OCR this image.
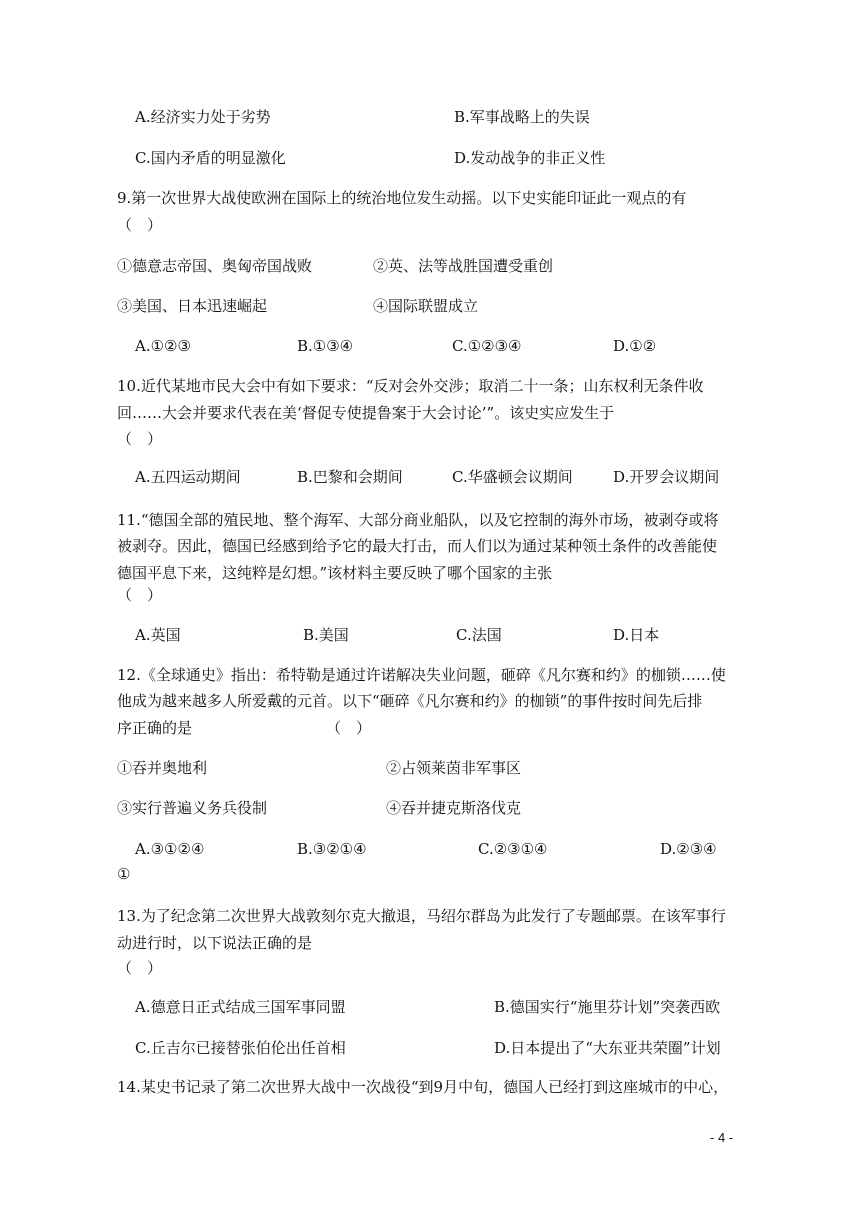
A.经济实力处于劣势	B.军事战略上的失误
C.国内矛盾的明显激化	D.发动战争的非正义性
9.第一次世界大战使欧洲在国际上的统治地位发生动摇。以下史实能印证此一观点的有
（　）
①德意志帝国、奥匈帝国战败	②英、法等战胜国遭受重创
③美国、日本迅速崛起	④国际联盟成立
A.①②③	B.①③④	C.①②③④	D.①②
10.近代某地市民大会中有如下要求：“反对会外交涉；取消二十一条；山东权利无条件收
回……大会并要求代表在美‘督促专使提鲁案于大会讨论’”。该史实应发生于
（　）
A.五四运动期间	B.巴黎和会期间	C.华盛顿会议期间	D.开罗会议期间
11.“德国全部的殖民地、整个海军、大部分商业船队，以及它控制的海外市场，被剥夺或将
被剥夺。因此，德国已经感到给予它的最大打击，而人们以为通过某种领土条件的改善能使
德国平息下来，这纯粹是幻想。”该材料主要反映了哪个国家的主张
（　）
A.英国	B.美国	C.法国	D.日本
12.《全球通史》指出：希特勒是通过许诺解决失业问题，砸碎《凡尔赛和约》的枷锁……使
他成为越来越多人所爱戴的元首。以下“砸碎《凡尔赛和约》的枷锁”的事件按时间先后排
序正确的是	（　）
①吞并奥地利	②占领莱茵非军事区
③实行普遍义务兵役制	④吞并捷克斯洛伐克
A.③①②④	B.③②①④	C.②③①④	D.②③④
①
13.为了纪念第二次世界大战敦刻尔克大撤退，马绍尔群岛为此发行了专题邮票。在该军事行
动进行时，以下说法正确的是
（　）
A.德意日正式结成三国军事同盟	B.德国实行“施里芬计划”突袭西欧
C.丘吉尔已接替张伯伦出任首相	D.日本提出了“大东亚共荣圈”计划
14.某史书记录了第二次世界大战中一次战役“到9月中旬，德国人已经打到这座城市的中心，
- 4 -
